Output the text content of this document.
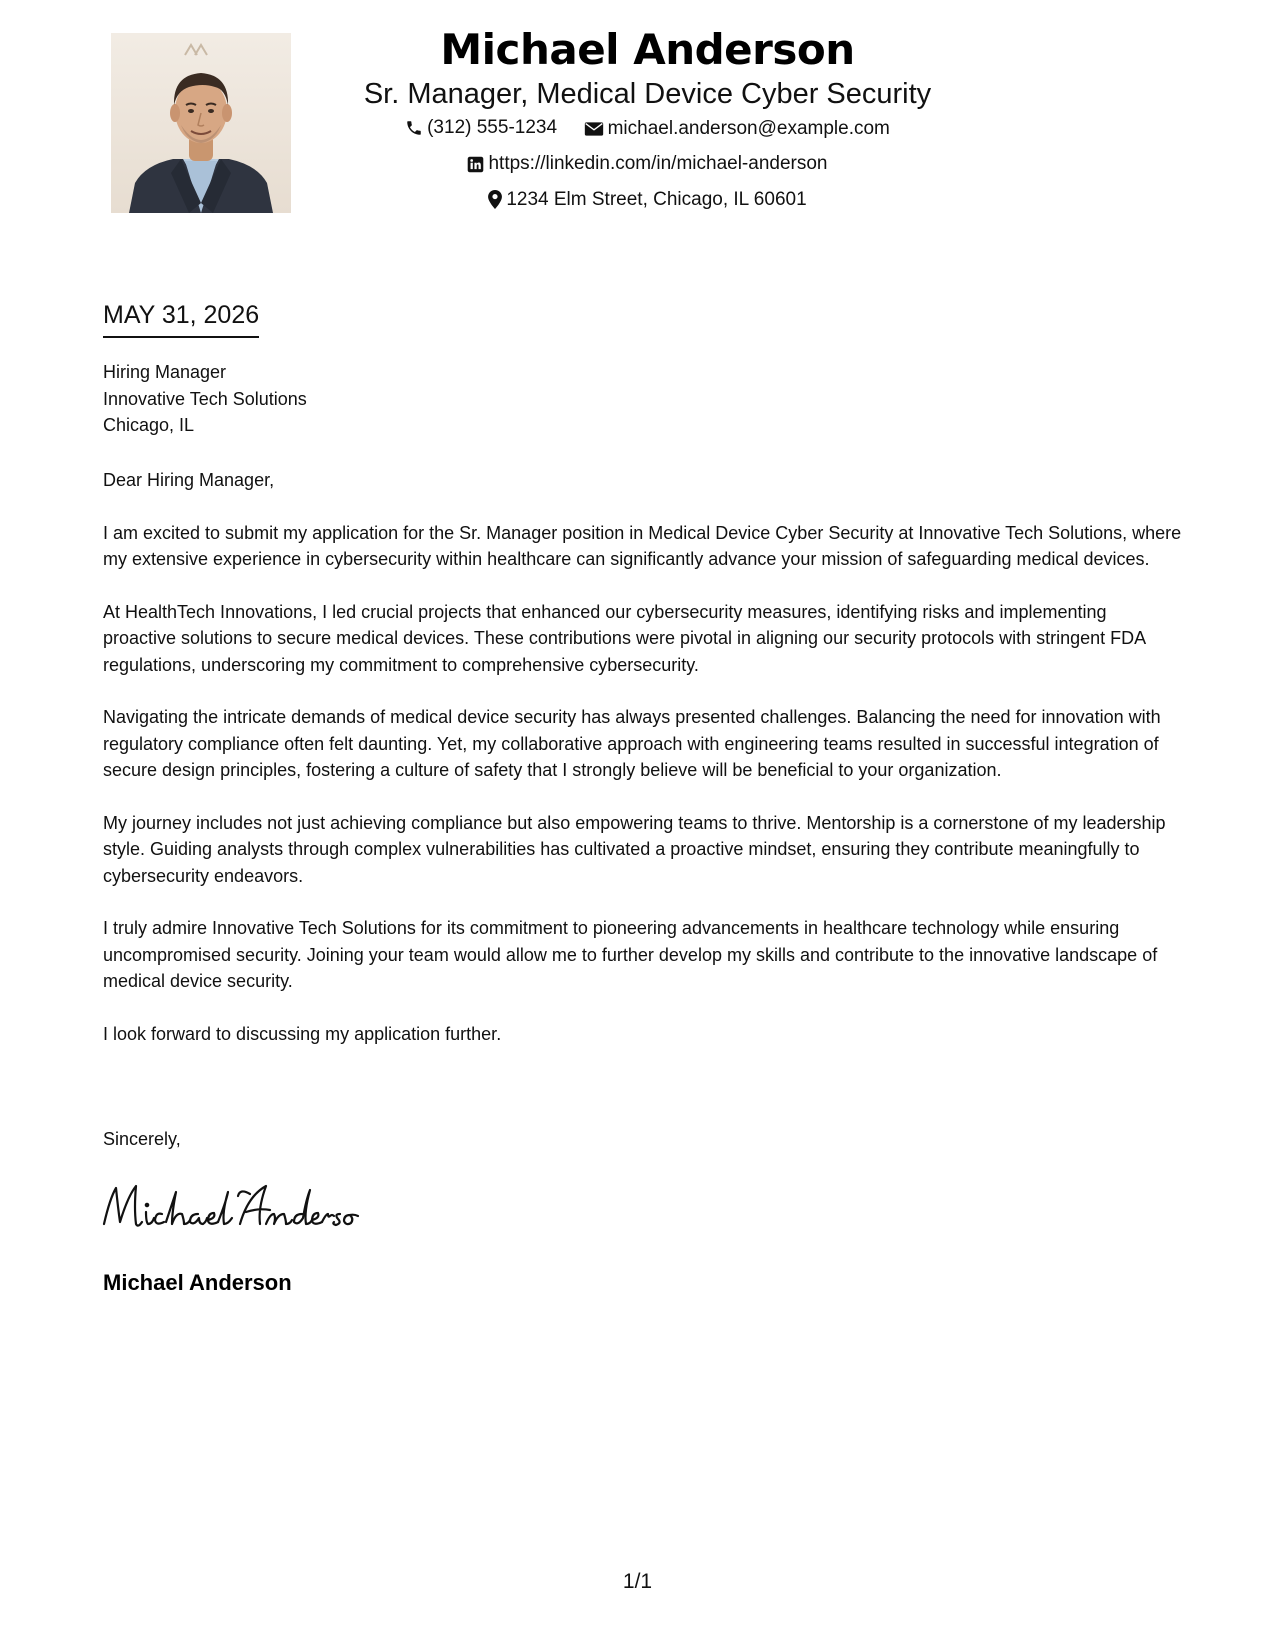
Michael Anderson
Sr. Manager, Medical Device Cyber Security
(312) 555-1234
	michael.anderson@example.com
https://linkedin.com/in/michael-anderson
1234 Elm Street, Chicago, IL 60601
MAY 31, 2026
Hiring Manager
Innovative Tech Solutions
Chicago, IL

Dear Hiring Manager,

I am excited to submit my application for the Sr. Manager position in Medical Device Cyber Security at Innovative Tech Solutions, where my extensive experience in cybersecurity within healthcare can significantly advance your mission of safeguarding medical devices.

At HealthTech Innovations, I led crucial projects that enhanced our cybersecurity measures, identifying risks and implementing proactive solutions to secure medical devices. These contributions were pivotal in aligning our security protocols with stringent FDA regulations, underscoring my commitment to comprehensive cybersecurity.

Navigating the intricate demands of medical device security has always presented challenges. Balancing the need for innovation with regulatory compliance often felt daunting. Yet, my collaborative approach with engineering teams resulted in successful integration of secure design principles, fostering a culture of safety that I strongly believe will be beneficial to your organization.

My journey includes not just achieving compliance but also empowering teams to thrive. Mentorship is a cornerstone of my leadership style. Guiding analysts through complex vulnerabilities has cultivated a proactive mindset, ensuring they contribute meaningfully to cybersecurity endeavors.

I truly admire Innovative Tech Solutions for its commitment to pioneering advancements in healthcare technology while ensuring uncompromised security. Joining your team would allow me to further develop my skills and contribute to the innovative landscape of medical device security.

I look forward to discussing my application further.

Sincerely,
Michael Anderson
1/1
